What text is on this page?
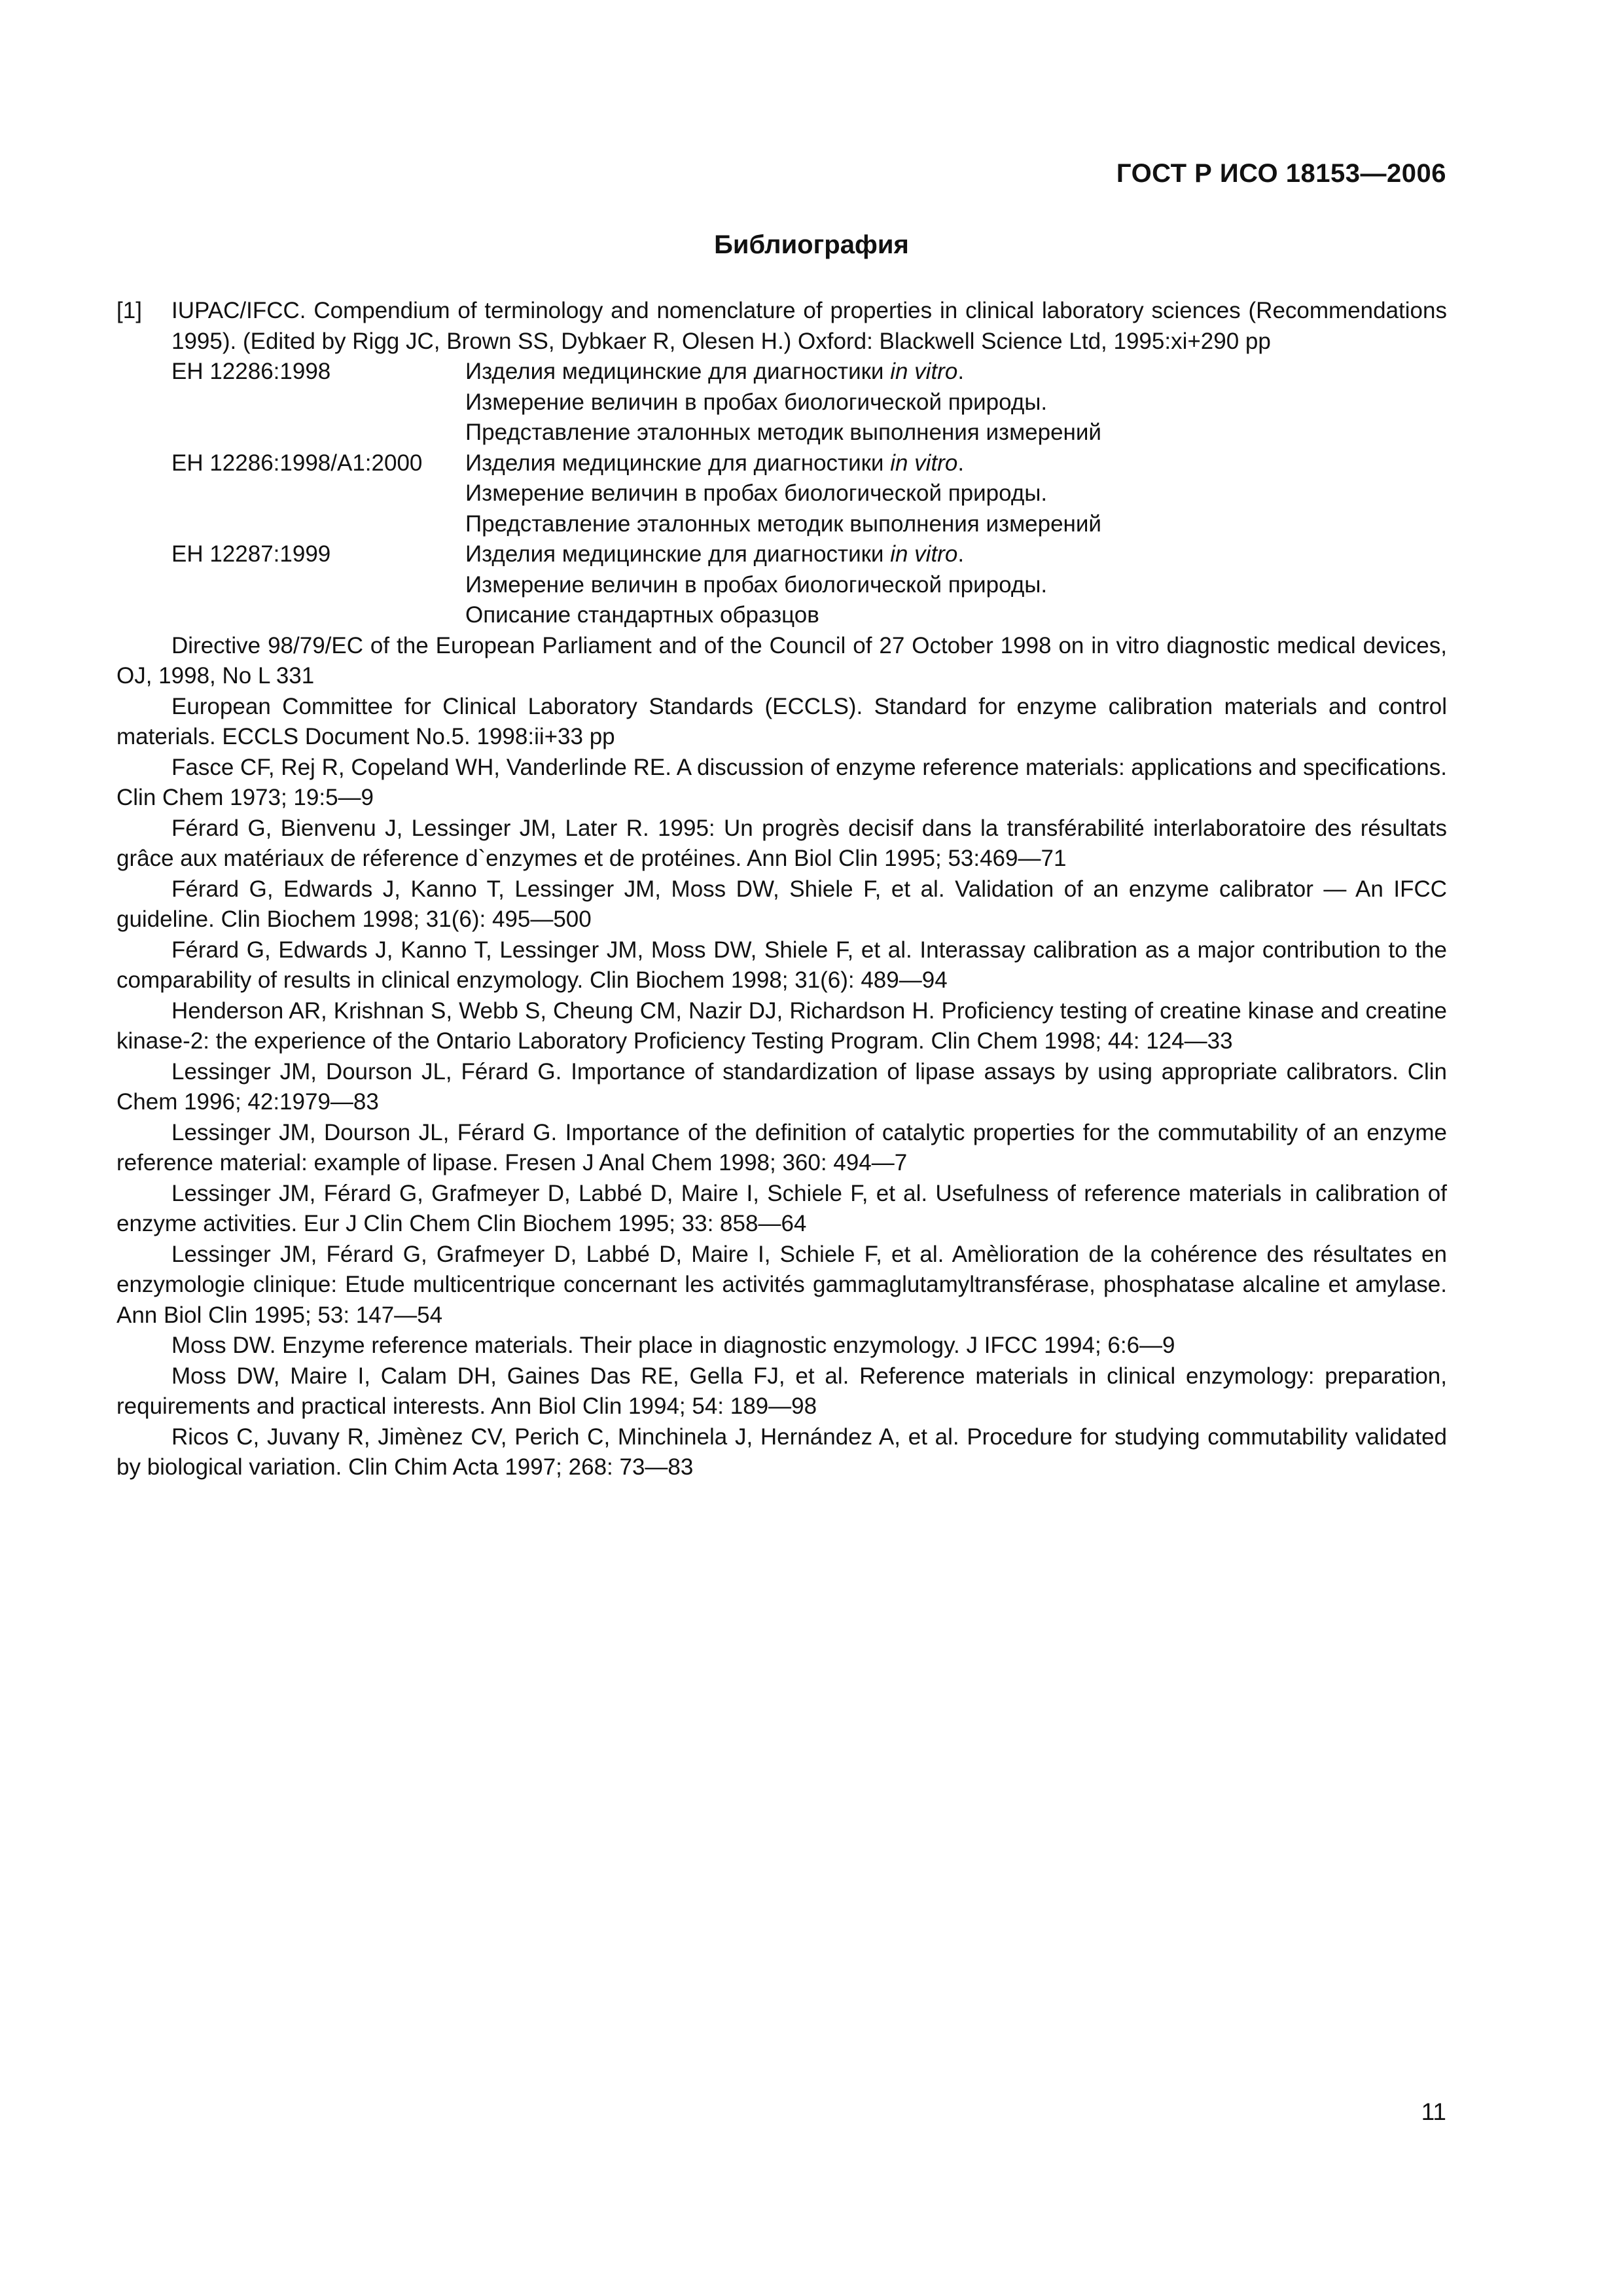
ГОСТ Р ИСО 18153—2006
Библиография
[1] IUPAC/IFCC. Compendium of terminology and nomenclature of properties in clinical laboratory sciences (Recommendations 1995). (Edited by Rigg JC, Brown SS, Dybkaer R, Olesen H.) Oxford: Blackwell Science Ltd, 1995:xi+290 pp
ЕН 12286:1998	Изделия медицинские для диагностики in vitro.
Измерение величин в пробах биологической природы.
Представление эталонных методик выполнения измерений

ЕН 12286:1998/А1:2000	Изделия медицинские для диагностики in vitro.
Измерение величин в пробах биологической природы.
Представление эталонных методик выполнения измерений

ЕН 12287:1999	Изделия медицинские для диагностики in vitro.
Измерение величин в пробах биологической природы.
Описание стандартных образцов
Directive 98/79/EC of the European Parliament and of the Council of 27 October 1998 on in vitro diagnostic medical devices, OJ, 1998, No L 331
European Committee for Clinical Laboratory Standards (ECCLS). Standard for enzyme calibration materials and control materials. ECCLS Document No.5. 1998:ii+33 pp
Fasce CF, Rej R, Copeland WH, Vanderlinde RE. A discussion of enzyme reference materials: applications and specifications. Clin Chem 1973; 19:5—9
Férard G, Bienvenu J, Lessinger JM, Later R. 1995: Un progrès decisif dans la transférabilité interlaboratoire des résultats grâce aux matériaux de réference d`enzymes et de protéines. Ann Biol Clin 1995; 53:469—71
Férard G, Edwards J, Kanno T, Lessinger JM, Moss DW, Shiele F, et al. Validation of an enzyme calibrator — An IFCC guideline. Clin Biochem 1998; 31(6): 495—500
Férard G, Edwards J, Kanno T, Lessinger JM, Moss DW, Shiele F, et al. Interassay calibration as a major contribution to the comparability of results in clinical enzymology. Clin Biochem 1998; 31(6): 489—94
Henderson AR, Krishnan S, Webb S, Cheung CM, Nazir DJ, Richardson H. Proficiency testing of creatine kinase and creatine kinase-2: the experience of the Ontario Laboratory Proficiency Testing Program. Clin Chem 1998; 44: 124—33
Lessinger JM, Dourson JL, Férard G. Importance of standardization of lipase assays by using appropriate calibrators. Clin Chem 1996; 42:1979—83
Lessinger JM, Dourson JL, Férard G. Importance of the definition of catalytic properties for the commutability of an enzyme reference material: example of lipase. Fresen J Anal Chem 1998; 360: 494—7
Lessinger JM, Férard G, Grafmeyer D, Labbé D, Maire I, Schiele F, et al. Usefulness of reference materials in calibration of enzyme activities. Eur J Clin Chem Clin Biochem 1995; 33: 858—64
Lessinger JM, Férard G, Grafmeyer D, Labbé D, Maire I, Schiele F, et al. Amèlioration de la cohérence des résultates en enzymologie clinique: Etude multicentrique concernant les activités gammaglutamyltransférase, phosphatase alcaline et amylase. Ann Biol Clin 1995; 53: 147—54
Moss DW. Enzyme reference materials. Their place in diagnostic enzymology. J IFCC 1994; 6:6—9
Moss DW, Maire I, Calam DH, Gaines Das RE, Gella FJ, et al. Reference materials in clinical enzymology: preparation, requirements and practical interests. Ann Biol Clin 1994; 54: 189—98
Ricos C, Juvany R, Jimènez CV, Perich C, Minchinela J, Hernández A, et al. Procedure for studying commutability validated by biological variation. Clin Chim Acta 1997; 268: 73—83
11
